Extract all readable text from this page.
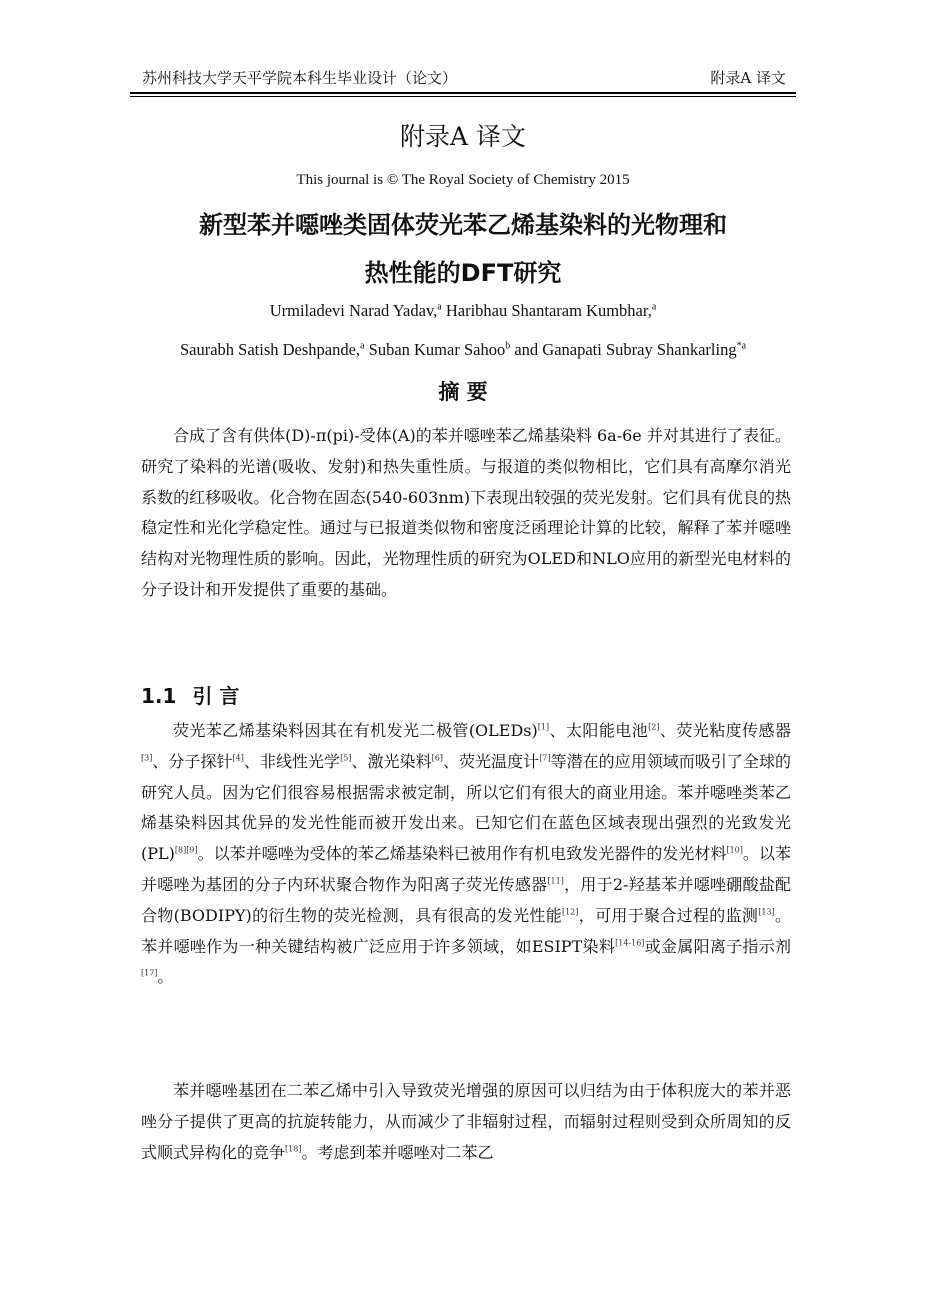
苏州科技大学天平学院本科生毕业设计（论文）	附录A 译文
附录A 译文
This journal is © The Royal Society of Chemistry 2015
新型苯并噁唑类固体荧光苯乙烯基染料的光物理和
热性能的DFT研究
Urmiladevi Narad Yadav,$^a$ Haribhau Shantaram Kumbhar,$^a$
Saurabh Satish Deshpande,$^a$ Suban Kumar Sahoo$^b$ and Ganapati Subray Shankarling$^{*a}$
摘 要

合成了含有供体(D)-π(pi)-受体(A)的苯并噁唑苯乙烯基染料 6a-6e 并对其进行了表征。研究了染料的光谱(吸收、发射)和热失重性质。与报道的类似物相比，它们具有高摩尔消光系数的红移吸收。化合物在固态(540-603nm)下表现出较强的荧光发射。它们具有优良的热稳定性和光化学稳定性。通过与已报道类似物和密度泛函理论计算的比较，解释了苯并噁唑结构对光物理性质的影响。因此，光物理性质的研究为OLED和NLO应用的新型光电材料的分子设计和开发提供了重要的基础。

1.1 引 言

荧光苯乙烯基染料因其在有机发光二极管(OLEDs)[1]、太阳能电池[2]、荧光粘度传感器[3]、分子探针[4]、非线性光学[5]、激光染料[6]、荧光温度计[7]等潜在的应用领域而吸引了全球的研究人员。因为它们很容易根据需求被定制，所以它们有很大的商业用途。苯并噁唑类苯乙烯基染料因其优异的发光性能而被开发出来。已知它们在蓝色区域表现出强烈的光致发光(PL)[8][9]。以苯并噁唑为受体的苯乙烯基染料已被用作有机电致发光器件的发光材料[10]。以苯并噁唑为基团的分子内环状聚合物作为阳离子荧光传感器[11]，用于2-羟基苯并噁唑硼酸盐配合物(BODIPY)的衍生物的荧光检测，具有很高的发光性能[12]，可用于聚合过程的监测[13]。苯并噁唑作为一种关键结构被广泛应用于许多领域，如ESIPT染料[14-16]或金属阳离子指示剂[17]。

苯并噁唑基团在二苯乙烯中引入导致荧光增强的原因可以归结为由于体积庞大的苯并恶唑分子提供了更高的抗旋转能力，从而减少了非辐射过程，而辐射过程则受到众所周知的反式顺式异构化的竞争[18]。考虑到苯并噁唑对二苯乙
